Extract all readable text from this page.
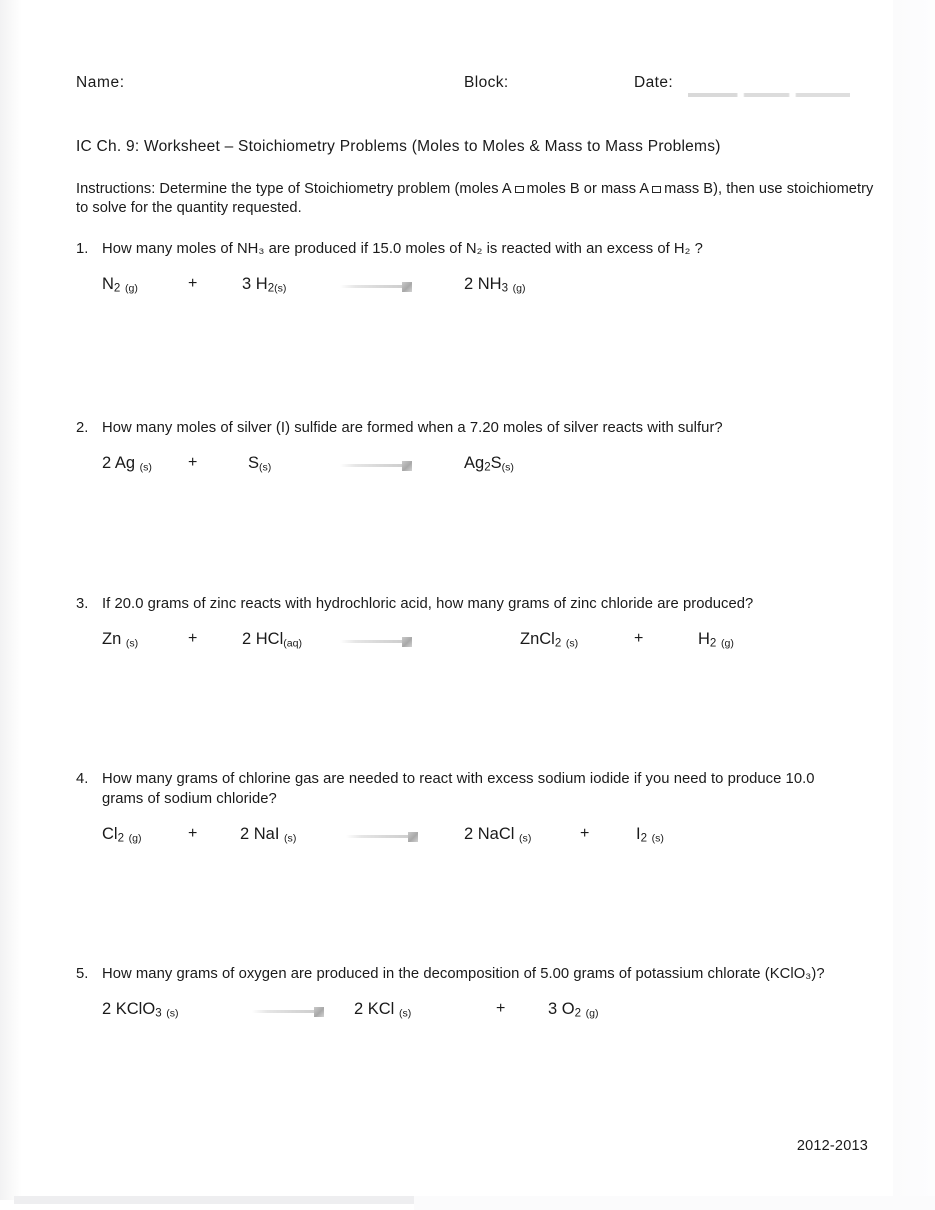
Name:	Block:	Date:
IC Ch. 9: Worksheet – Stoichiometry Problems (Moles to Moles & Mass to Mass Problems)
Instructions: Determine the type of Stoichiometry problem (moles A moles B or mass A mass B), then use stoichiometry to solve for the quantity requested.
1. How many moles of NH₃ are produced if 15.0 moles of N₂ is reacted with an excess of H₂ ?
$N_2$ (g)	+	3 $H_2(s)$	2 $NH_3$ (g)
2. How many moles of silver (I) sulfide are formed when a 7.20 moles of silver reacts with sulfur?
2 Ag (s) +	S(s)	$Ag_2S(s)$
3. If 20.0 grams of zinc reacts with hydrochloric acid, how many grams of zinc chloride are produced?
Zn (s)	+	2 HCl(aq)	ZnCl$_2$ (s)	+	$H_2$ (g)
4. How many grams of chlorine gas are needed to react with excess sodium iodide if you need to produce 10.0 grams of sodium chloride?
$Cl_2$ (g)	+	2 NaI (s)	2 NaCl (s)	+	$I_2$ (s)
5. How many grams of oxygen are produced in the decomposition of 5.00 grams of potassium chlorate (KClO₃)?
2 KClO$_3$ (s)	2 KCl (s)	+	3 $O_2$ (g)
2012-2013
